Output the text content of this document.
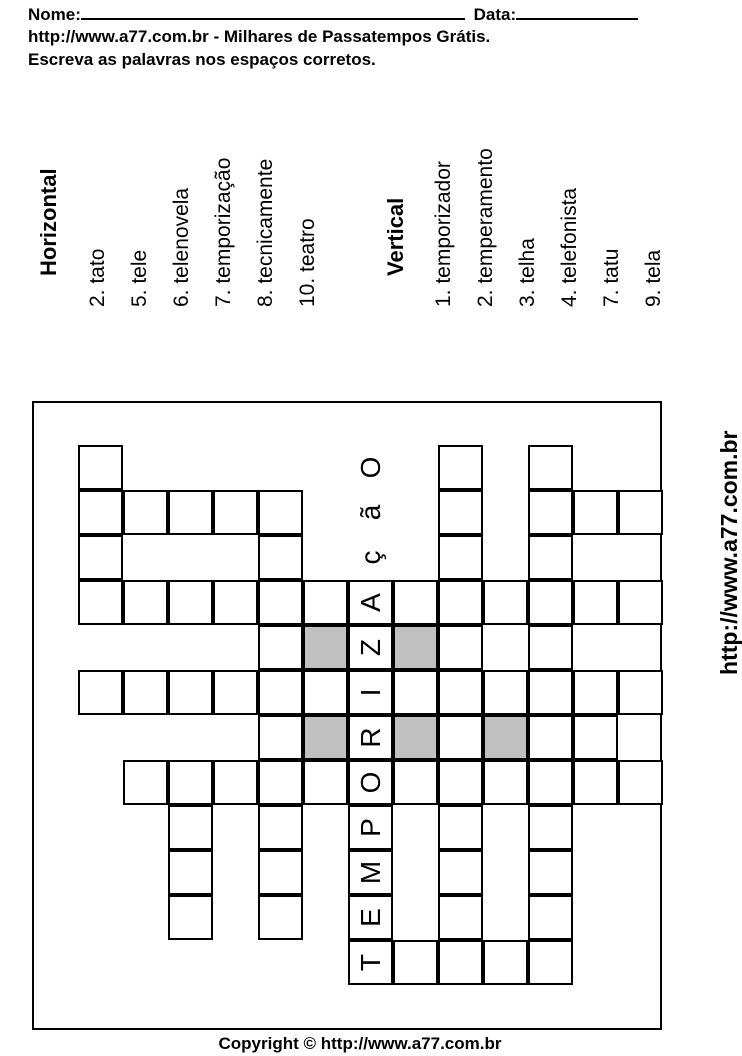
Nome:	Data:
http://www.a77.com.br - Milhares de Passatempos Grátis.
Escreva as palavras nos espaços corretos.
Horizontal
2. tato 5. tele 6. telenovela 7. temporização 8. tecnicamente 10. teatro	Vertical 1. temporizador 2. temperamento 3. telha 4. telefonista 7. tatu 9. tela
T
E
M
P
O
R
I
Z
A
ç
ã
O	http://www.a77.com.br
Copyright © http://www.a77.com.br
